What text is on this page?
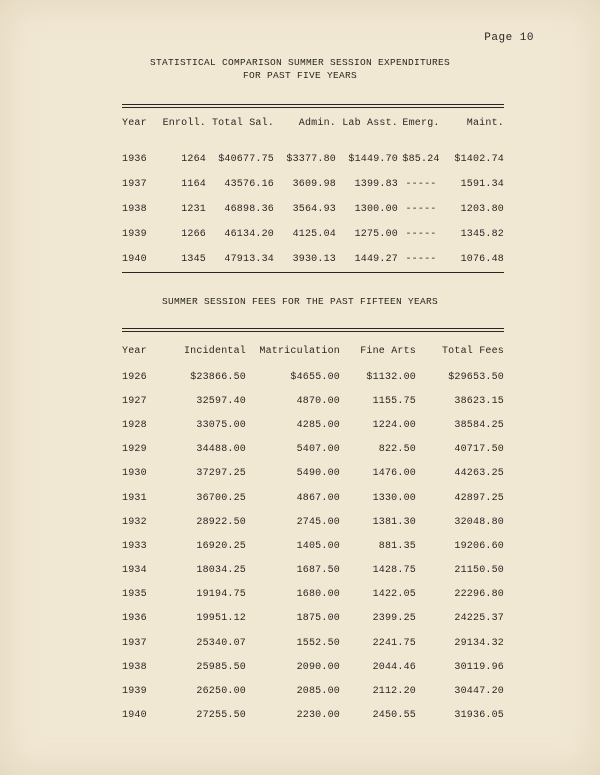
Page 10
STATISTICAL COMPARISON SUMMER SESSION EXPENDITURES
FOR PAST FIVE YEARS
Year	Enroll.	Total Sal.	Admin.	Lab Asst.	Emerg.	Maint.

1936	1264	$40677.75	$3377.80	$1449.70	$85.24	$1402.74
1937	1164	43576.16	3609.98	1399.83	-----	1591.34
1938	1231	46898.36	3564.93	1300.00	-----	1203.80
1939	1266	46134.20	4125.04	1275.00	-----	1345.82
1940	1345	47913.34	3930.13	1449.27	-----	1076.48
SUMMER SESSION FEES FOR THE PAST FIFTEEN YEARS
Year	Incidental	Matriculation	Fine Arts	Total Fees
1926	$23866.50	$4655.00	$1132.00	$29653.50
1927	32597.40	4870.00	1155.75	38623.15
1928	33075.00	4285.00	1224.00	38584.25
1929	34488.00	5407.00	822.50	40717.50
1930	37297.25	5490.00	1476.00	44263.25
1931	36700.25	4867.00	1330.00	42897.25
1932	28922.50	2745.00	1381.30	32048.80
1933	16920.25	1405.00	881.35	19206.60
1934	18034.25	1687.50	1428.75	21150.50
1935	19194.75	1680.00	1422.05	22296.80
1936	19951.12	1875.00	2399.25	24225.37
1937	25340.07	1552.50	2241.75	29134.32
1938	25985.50	2090.00	2044.46	30119.96
1939	26250.00	2085.00	2112.20	30447.20
1940	27255.50	2230.00	2450.55	31936.05
